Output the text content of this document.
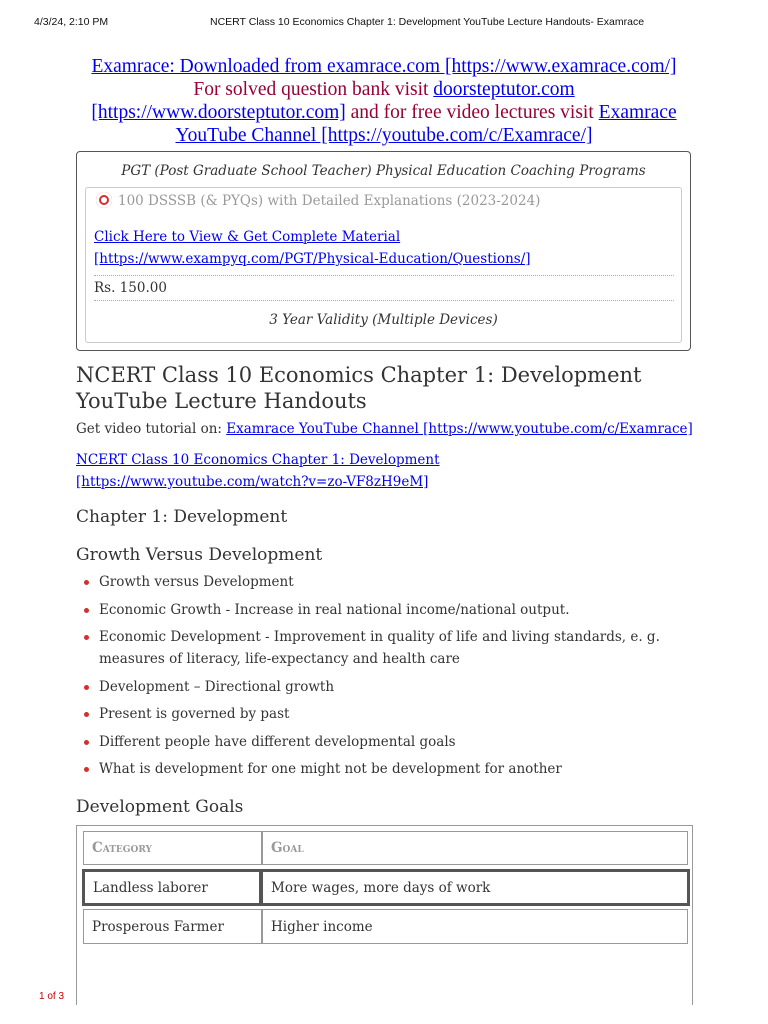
4/3/24, 2:10 PM	NCERT Class 10 Economics Chapter 1: Development YouTube Lecture Handouts- Examrace
Examrace: Downloaded from examrace.com [https://www.examrace.com/]
For solved question bank visit doorsteptutor.com [https://www.doorsteptutor.com] and for free video lectures visit Examrace YouTube Channel [https://youtube.com/c/Examrace/]
PGT (Post Graduate School Teacher) Physical Education Coaching Programs
100 DSSSB (& PYQs) with Detailed Explanations (2023-2024)
Click Here to View & Get Complete Material [https://www.exampyq.com/PGT/Physical-Education/Questions/]
Rs. 150.00
3 Year Validity (Multiple Devices)
NCERT Class 10 Economics Chapter 1: Development YouTube Lecture Handouts
Get video tutorial on: Examrace YouTube Channel [https://www.youtube.com/c/Examrace]
NCERT Class 10 Economics Chapter 1: Development [https://www.youtube.com/watch?v=zo-VF8zH9eM]
Chapter 1: Development
Growth Versus Development
Growth versus Development
Economic Growth - Increase in real national income/national output.
Economic Development - Improvement in quality of life and living standards, e. g. measures of literacy, life-expectancy and health care
Development – Directional growth
Present is governed by past
Different people have different developmental goals
What is development for one might not be development for another
Development Goals
Category	Goal
Landless laborer	More wages, more days of work
Prosperous Farmer	Higher income
1 of 3
